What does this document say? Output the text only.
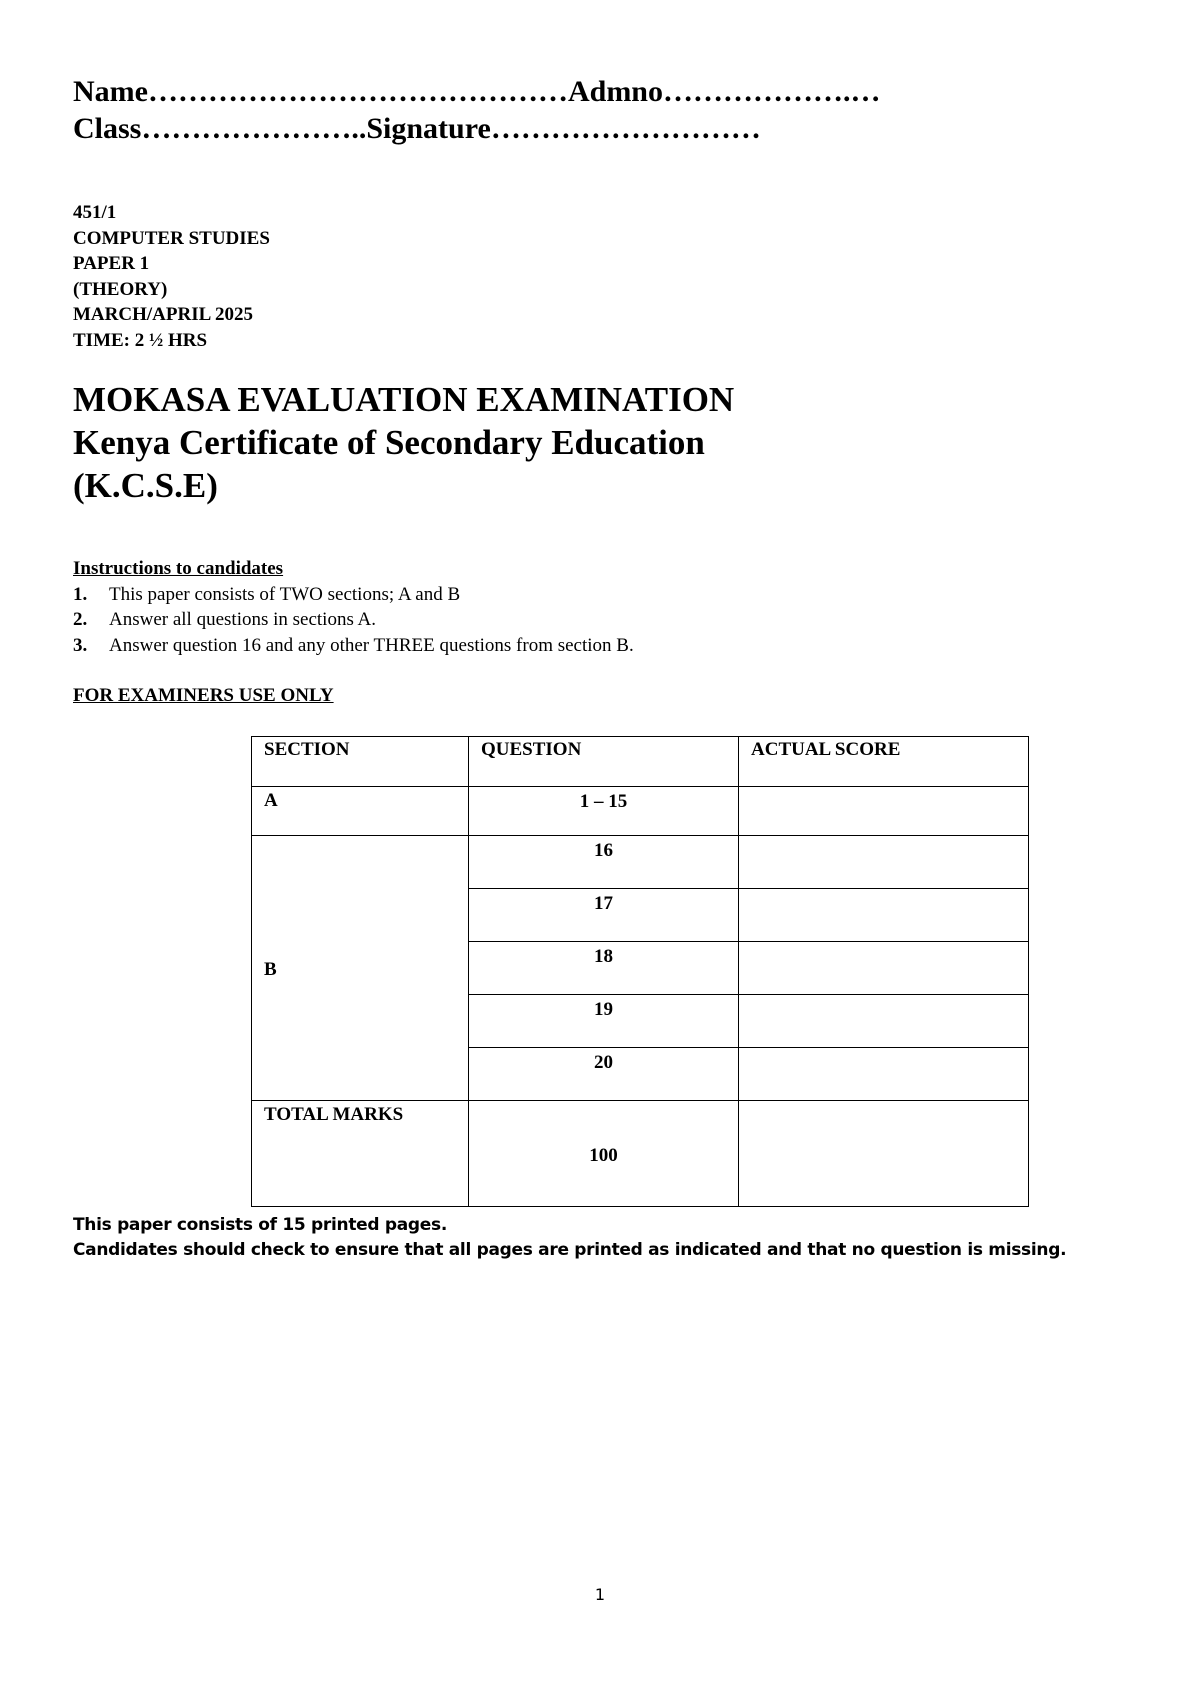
Name……………………………………Admno……………….…
Class…………………..Signature………………………
451/1
COMPUTER STUDIES
PAPER 1
(THEORY)
MARCH/APRIL 2025
TIME: 2 ½ HRS
MOKASA EVALUATION EXAMINATION
Kenya Certificate of Secondary Education
(K.C.S.E)
Instructions to candidates
1.	This paper consists of TWO sections; A and B
2.	Answer all questions in sections A.
3.	Answer question 16 and any other THREE questions from section B.
FOR EXAMINERS USE ONLY
SECTION	QUESTION	ACTUAL SCORE
A	1 – 15	
B	16	
	17	
	18	
	19	
	20	
TOTAL MARKS	100	
This paper consists of 15 printed pages.
Candidates should check to ensure that all pages are printed as indicated and that no question is missing.
1
